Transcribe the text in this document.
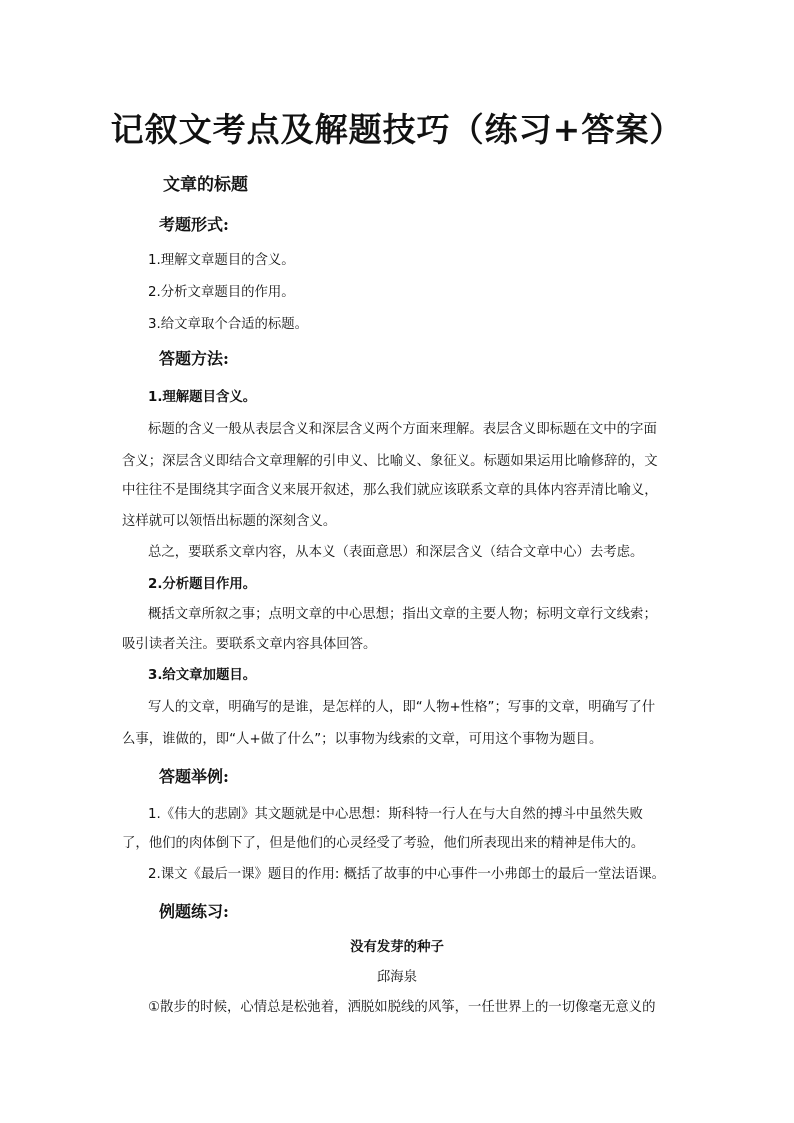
记叙文考点及解题技巧（练习+答案）
文章的标题
考题形式:

1.理解文章题目的含义。

2.分析文章题目的作用。

3.给文章取个合适的标题。

答题方法:

1.理解题目含义。

标题的含义一般从表层含义和深层含义两个方面来理解。表层含义即标题在文中的字面

含义；深层含义即结合文章理解的引申义、比喻义、象征义。标题如果运用比喻修辞的，文

中往往不是围绕其字面含义来展开叙述，那么我们就应该联系文章的具体内容弄清比喻义，

这样就可以领悟出标题的深刻含义。

总之，要联系文章内容，从本义（表面意思）和深层含义（结合文章中心）去考虑。

2.分析题目作用。

概括文章所叙之事；点明文章的中心思想；指出文章的主要人物；标明文章行文线索；

吸引读者关注。要联系文章内容具体回答。

3.给文章加题目。

写人的文章，明确写的是谁，是怎样的人，即“人物+性格”；写事的文章，明确写了什

么事，谁做的，即“人+做了什么”；以事物为线索的文章，可用这个事物为题目。

答题举例:

1.《伟大的悲剧》其文题就是中心思想：斯科特一行人在与大自然的搏斗中虽然失败

了，他们的肉体倒下了，但是他们的心灵经受了考验，他们所表现出来的精神是伟大的。

2.课文《最后一课》题目的作用: 概括了故事的中心事件一小弗郎士的最后一堂法语课。

例题练习:

没有发芽的种子

邱海泉

①散步的时候，心情总是松弛着，洒脱如脱线的风筝，一任世界上的一切像毫无意义的
